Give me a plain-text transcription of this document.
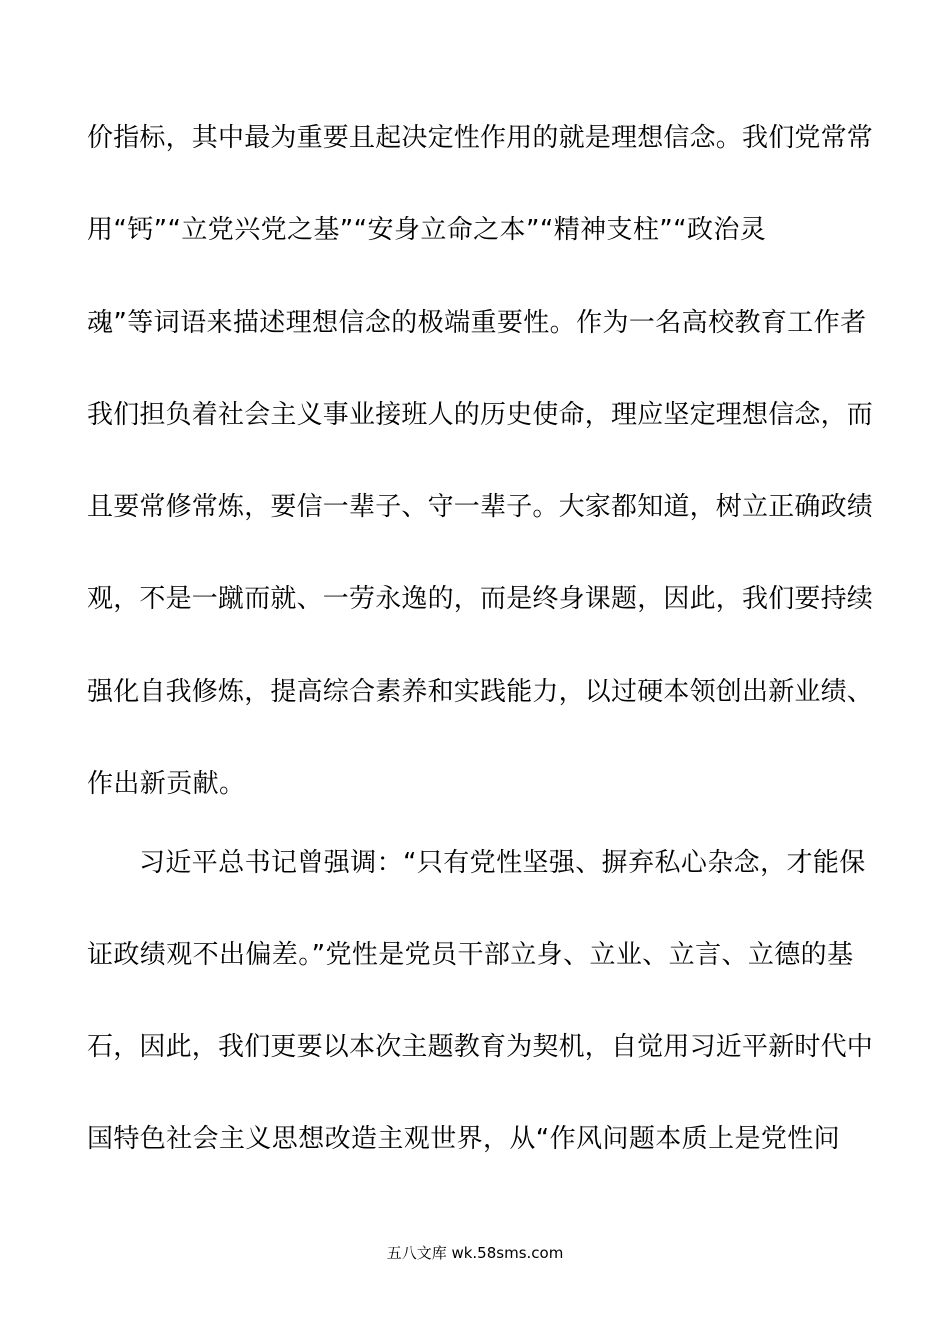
价指标，其中最为重要且起决定性作用的就是理想信念。我们党常常
用“钙”“立党兴党之基”“安身立命之本”“精神支柱”“政治灵
魂”等词语来描述理想信念的极端重要性。作为一名高校教育工作者
我们担负着社会主义事业接班人的历史使命，理应坚定理想信念，而
且要常修常炼，要信一辈子、守一辈子。大家都知道，树立正确政绩
观，不是一蹴而就、一劳永逸的，而是终身课题，因此，我们要持续
强化自我修炼，提高综合素养和实践能力，以过硬本领创出新业绩、
作出新贡献。
习近平总书记曾强调：“只有党性坚强、摒弃私心杂念，才能保
证政绩观不出偏差。”党性是党员干部立身、立业、立言、立德的基
石，因此，我们更要以本次主题教育为契机，自觉用习近平新时代中
国特色社会主义思想改造主观世界，从“作风问题本质上是党性问
五八文库 wk.58sms.com
